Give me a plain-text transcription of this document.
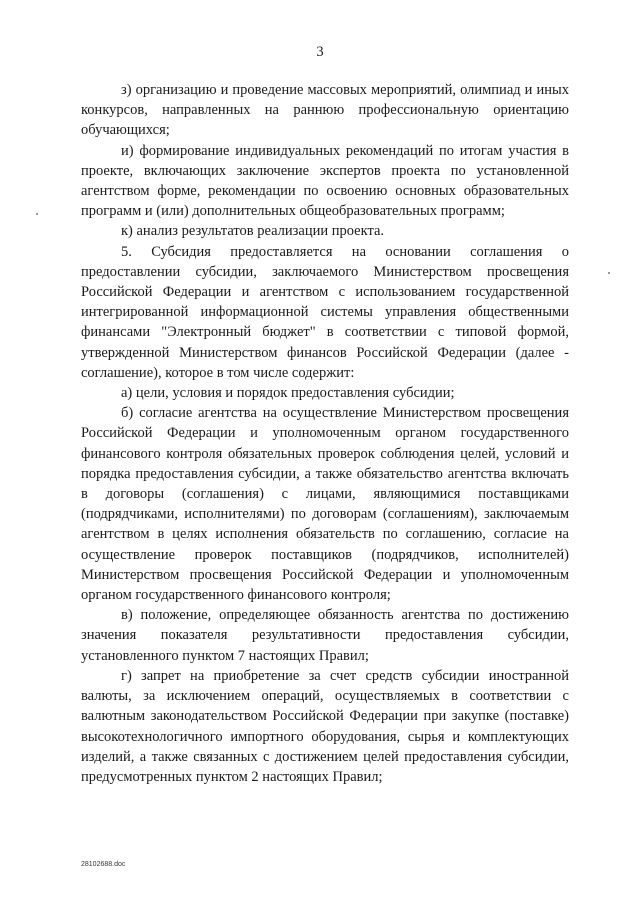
3

з) организацию и проведение массовых мероприятий, олимпиад и иных конкурсов, направленных на раннюю профессиональную ориентацию обучающихся;

и) формирование индивидуальных рекомендаций по итогам участия в проекте, включающих заключение экспертов проекта по установленной агентством форме, рекомендации по освоению основных образовательных программ и (или) дополнительных общеобразовательных программ;

к) анализ результатов реализации проекта.

5. Субсидия предоставляется на основании соглашения о предоставлении субсидии, заключаемого Министерством просвещения Российской Федерации и агентством с использованием государственной интегрированной информационной системы управления общественными финансами "Электронный бюджет" в соответствии с типовой формой, утвержденной Министерством финансов Российской Федерации (далее - соглашение), которое в том числе содержит:

а) цели, условия и порядок предоставления субсидии;

б) согласие агентства на осуществление Министерством просвещения Российской Федерации и уполномоченным органом государственного финансового контроля обязательных проверок соблюдения целей, условий и порядка предоставления субсидии, а также обязательство агентства включать в договоры (соглашения) с лицами, являющимися поставщиками (подрядчиками, исполнителями) по договорам (соглашениям), заключаемым агентством в целях исполнения обязательств по соглашению, согласие на осуществление проверок поставщиков (подрядчиков, исполнителей) Министерством просвещения Российской Федерации и уполномоченным органом государственного финансового контроля;

в) положение, определяющее обязанность агентства по достижению значения показателя результативности предоставления субсидии, установленного пунктом 7 настоящих Правил;

г) запрет на приобретение за счет средств субсидии иностранной валюты, за исключением операций, осуществляемых в соответствии с валютным законодательством Российской Федерации при закупке (поставке) высокотехнологичного импортного оборудования, сырья и комплектующих изделий, а также связанных с достижением целей предоставления субсидии, предусмотренных пунктом 2 настоящих Правил;

28102688.doc
